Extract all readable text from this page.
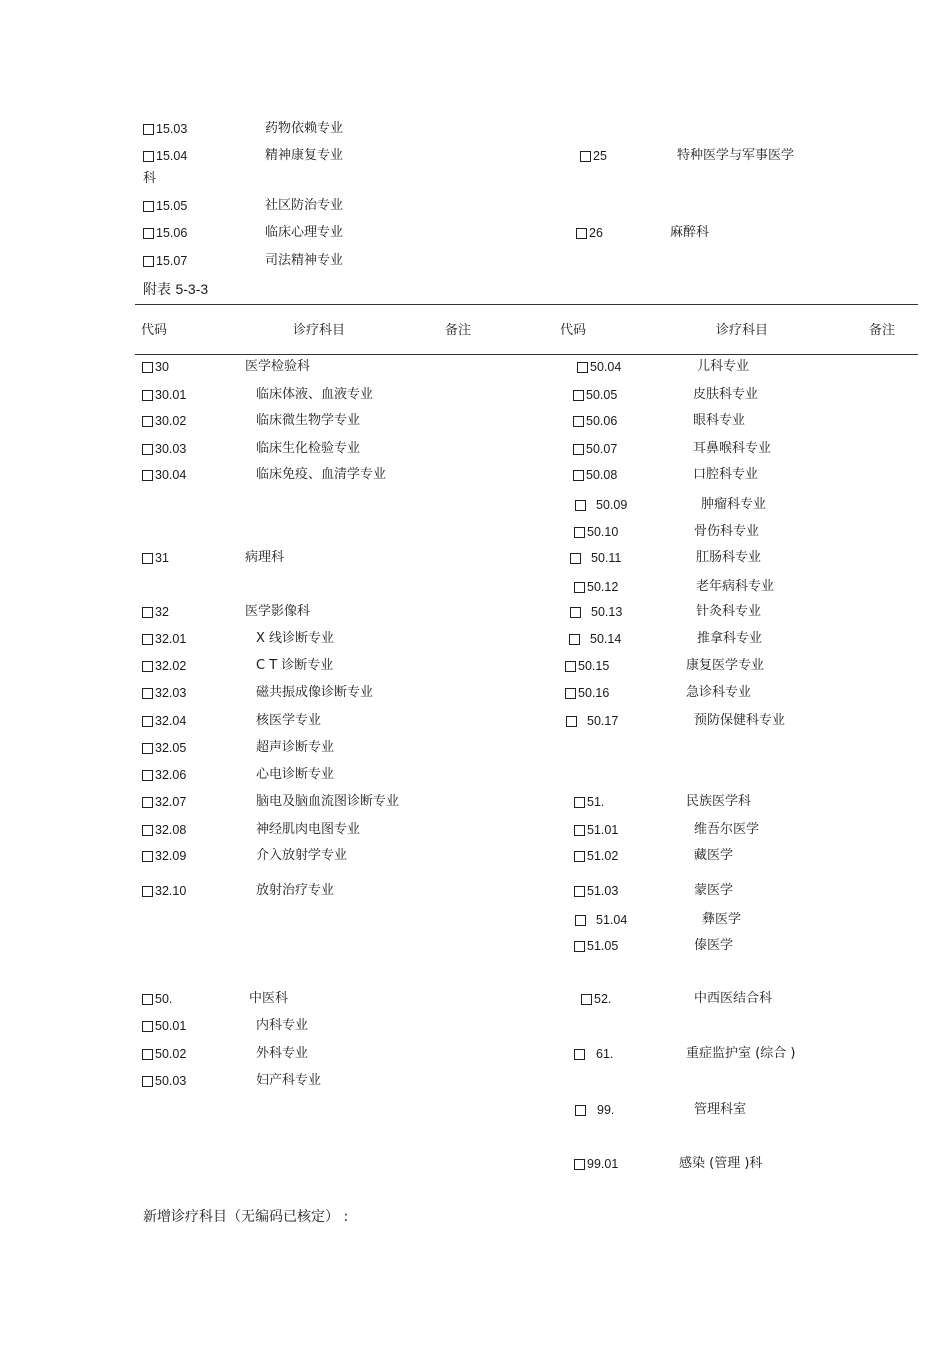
15.03	药物依赖专业
15.04	精神康复专业
科
15.05	社区防治专业
15.06	临床心理专业
15.07	司法精神专业
25	特种医学与军事医学
26	麻醉科
附表 5-3-3
代码	诊疗科目	备注	代码	诊疗科目	备注
30	医学检验科
30.01	临床体液、血液专业
30.02	临床微生物学专业
30.03	临床生化检验专业
30.04	临床免疫、血清学专业
31	病理科
32	医学影像科
32.01	X 线诊断专业
32.02	C T 诊断专业
32.03	磁共振成像诊断专业
32.04	核医学专业
32.05	超声诊断专业
32.06	心电诊断专业
32.07	脑电及脑血流图诊断专业
32.08	神经肌肉电图专业
32.09	介入放射学专业
32.10	放射治疗专业
50.	中医科
50.01	内科专业
50.02	外科专业
50.03	妇产科专业
50.04	儿科专业
50.05	皮肤科专业
50.06	眼科专业
50.07	耳鼻喉科专业
50.08	口腔科专业
50.09	肿瘤科专业
50.10	骨伤科专业
50.11	肛肠科专业
50.12	老年病科专业
50.13	针灸科专业
50.14	推拿科专业
50.15	康复医学专业
50.16	急诊科专业
50.17	预防保健科专业
51.	民族医学科
51.01	维吾尔医学
51.02	藏医学
51.03	蒙医学
51.04	彝医学
51.05	傣医学
52.	中西医结合科
61.	重症监护室 (综合 )
99.	管理科室
99.01	感染 (管理 )科
新增诊疗科目（无编码已核定） :
